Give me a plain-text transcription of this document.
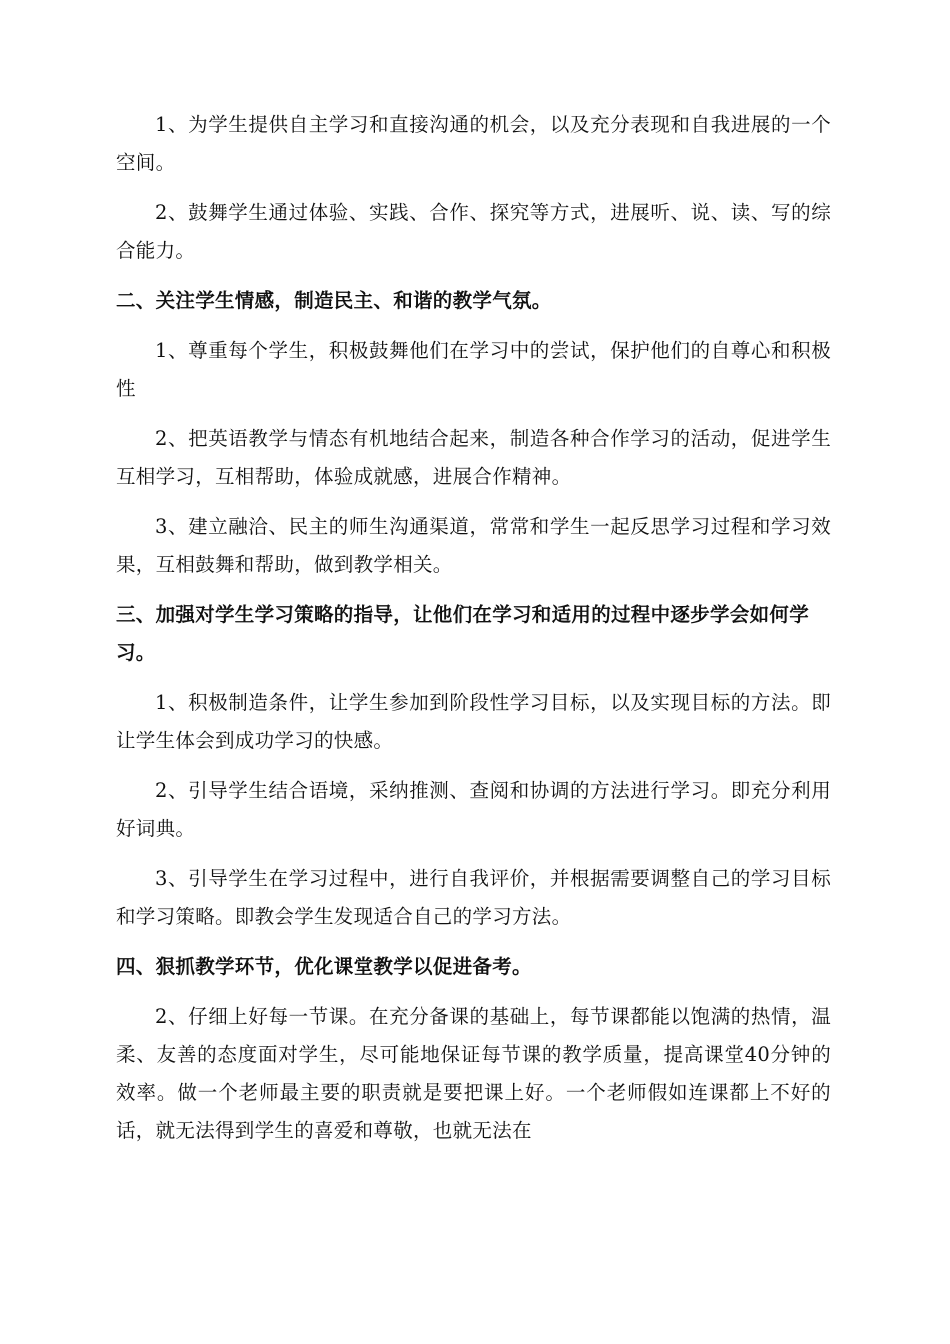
1、为学生提供自主学习和直接沟通的机会，以及充分表现和自我进展的一个空间。

2、鼓舞学生通过体验、实践、合作、探究等方式，进展听、说、读、写的综合能力。

二、关注学生情感，制造民主、和谐的教学气氛。

1、尊重每个学生，积极鼓舞他们在学习中的尝试，保护他们的自尊心和积极性

2、把英语教学与情态有机地结合起来，制造各种合作学习的活动，促进学生互相学习，互相帮助，体验成就感，进展合作精神。

3、建立融洽、民主的师生沟通渠道，常常和学生一起反思学习过程和学习效果，互相鼓舞和帮助，做到教学相关。

三、加强对学生学习策略的指导，让他们在学习和适用的过程中逐步学会如何学习。

1、积极制造条件，让学生参加到阶段性学习目标，以及实现目标的方法。即让学生体会到成功学习的快感。

2、引导学生结合语境，采纳推测、查阅和协调的方法进行学习。即充分利用好词典。

3、引导学生在学习过程中，进行自我评价，并根据需要调整自己的学习目标和学习策略。即教会学生发现适合自己的学习方法。

四、狠抓教学环节，优化课堂教学以促进备考。

2、仔细上好每一节课。在充分备课的基础上，每节课都能以饱满的热情，温柔、友善的态度面对学生，尽可能地保证每节课的教学质量，提高课堂40分钟的效率。做一个老师最主要的职责就是要把课上好。一个老师假如连课都上不好的话，就无法得到学生的喜爱和尊敬，也就无法在
